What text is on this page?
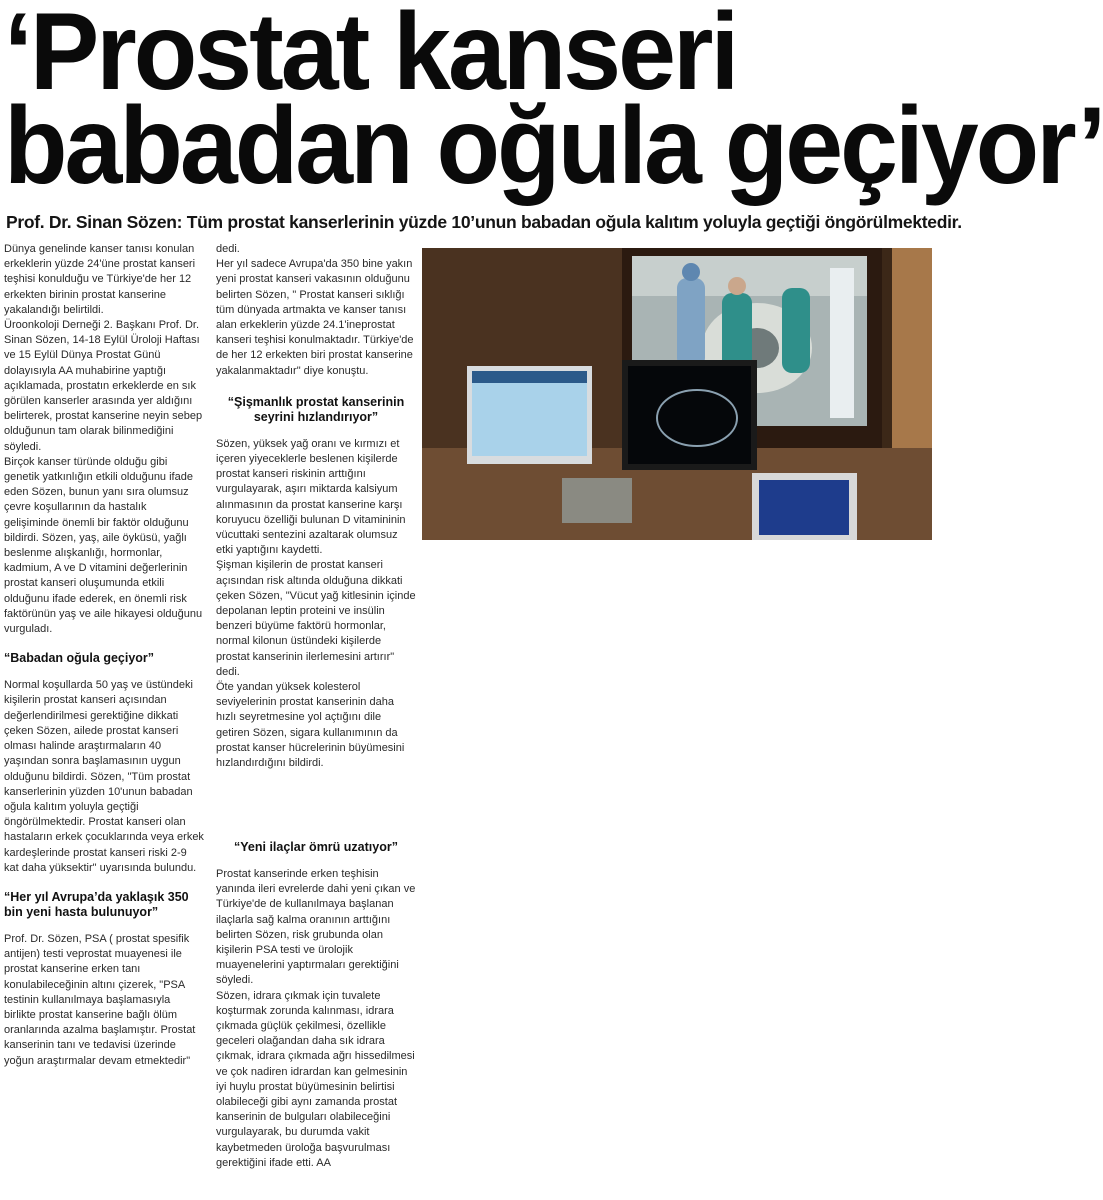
‘Prostat kanseri
babadan oğula geçiyor’
Prof. Dr. Sinan Sözen: Tüm prostat kanserlerinin yüzde 10’unun babadan oğula kalıtım yoluyla geçtiği öngörülmektedir.

Dünya genelinde kanser tanısı konulan erkeklerin yüzde 24'üne prostat kanseri teşhisi konulduğu ve Türkiye'de her 12 erkekten birinin prostat kanserine yakalandığı belirtildi.

Üroonkoloji Derneği 2. Başkanı Prof. Dr. Sinan Sözen, 14-18 Eylül Üroloji Haftası ve 15 Eylül Dünya Prostat Günü dolayısıyla AA muhabirine yaptığı açıklamada, prostatın erkeklerde en sık görülen kanserler arasında yer aldığını belirterek, prostat kanserine neyin sebep olduğunun tam olarak bilinmediğini söyledi.

Birçok kanser türünde olduğu gibi genetik yatkınlığın etkili olduğunu ifade eden Sözen, bunun yanı sıra olumsuz çevre koşullarının da hastalık gelişiminde önemli bir faktör olduğunu bildirdi. Sözen, yaş, aile öyküsü, yağlı beslenme alışkanlığı, hormonlar, kadmium, A ve D vitamini değerlerinin prostat kanseri oluşumunda etkili olduğunu ifade ederek, en önemli risk faktörünün yaş ve aile hikayesi olduğunu vurguladı.

“Babadan oğula geçiyor”

Normal koşullarda 50 yaş ve üstündeki kişilerin prostat kanseri açısından değerlendirilmesi gerektiğine dikkati çeken Sözen, ailede prostat kanseri olması halinde araştırmaların 40 yaşından sonra başlamasının uygun olduğunu bildirdi. Sözen, "Tüm prostat kanserlerinin yüzden 10'unun babadan oğula kalıtım yoluyla geçtiği öngörülmektedir. Prostat kanseri olan hastaların erkek çocuklarında veya erkek kardeşlerinde prostat kanseri riski 2-9 kat daha yüksektir" uyarısında bulundu.

“Her yıl Avrupa’da yaklaşık 350 bin yeni hasta bulunuyor”

Prof. Dr. Sözen, PSA ( prostat spesifik antijen) testi veprostat muayenesi ile prostat kanserine erken tanı konulabileceğinin altını çizerek, "PSA testinin kullanılmaya başlamasıyla birlikte prostat kanserine bağlı ölüm oranlarında azalma başlamıştır. Prostat kanserinin tanı ve tedavisi üzerinde yoğun araştırmalar devam etmektedir"

dedi.

Her yıl sadece Avrupa'da 350 bine yakın yeni prostat kanseri vakasının olduğunu belirten Sözen, " Prostat kanseri sıklığı tüm dünyada artmakta ve kanser tanısı alan erkeklerin yüzde 24.1'ineprostat kanseri teşhisi konulmaktadır. Türkiye'de de her 12 erkekten biri prostat kanserine yakalanmaktadır" diye konuştu.

“Şişmanlık prostat kanserinin seyrini hızlandırıyor”

Sözen, yüksek yağ oranı ve kırmızı et içeren yiyeceklerle beslenen kişilerde prostat kanseri riskinin arttığını vurgulayarak, aşırı miktarda kalsiyum alınmasının da prostat kanserine karşı koruyucu özelliği bulunan D vitamininin vücuttaki sentezini azaltarak olumsuz etki yaptığını kaydetti.

Şişman kişilerin de prostat kanseri açısından risk altında olduğuna dikkati çeken Sözen, "Vücut yağ kitlesinin içinde depolanan leptin proteini ve insülin benzeri büyüme faktörü hormonlar, normal kilonun üstündeki kişilerde prostat kanserinin ilerlemesini artırır" dedi.

Öte yandan yüksek kolesterol seviyelerinin prostat kanserinin daha hızlı seyretmesine yol açtığını dile getiren Sözen, sigara kullanımının da prostat kanser hücrelerinin büyümesini hızlandırdığını bildirdi.

“Yeni ilaçlar ömrü uzatıyor”

Prostat kanserinde erken teşhisin yanında ileri evrelerde dahi yeni çıkan ve Türkiye'de de kullanılmaya başlanan ilaçlarla sağ kalma oranının arttığını belirten Sözen, risk grubunda olan kişilerin PSA testi ve ürolojik muayenelerini yaptırmaları gerektiğini söyledi.

Sözen, idrara çıkmak için tuvalete koşturmak zorunda kalınması, idrara çıkmada güçlük çekilmesi, özellikle geceleri olağandan daha sık idrara çıkmak, idrara çıkmada ağrı hissedilmesi ve çok nadiren idrardan kan gelmesinin iyi huylu prostat büyümesinin belirtisi olabileceği gibi aynı zamanda prostat kanserinin de bulguları olabileceğini vurgulayarak, bu durumda vakit kaybetmeden üroloğa başvurulması gerektiğini ifade etti. AA
